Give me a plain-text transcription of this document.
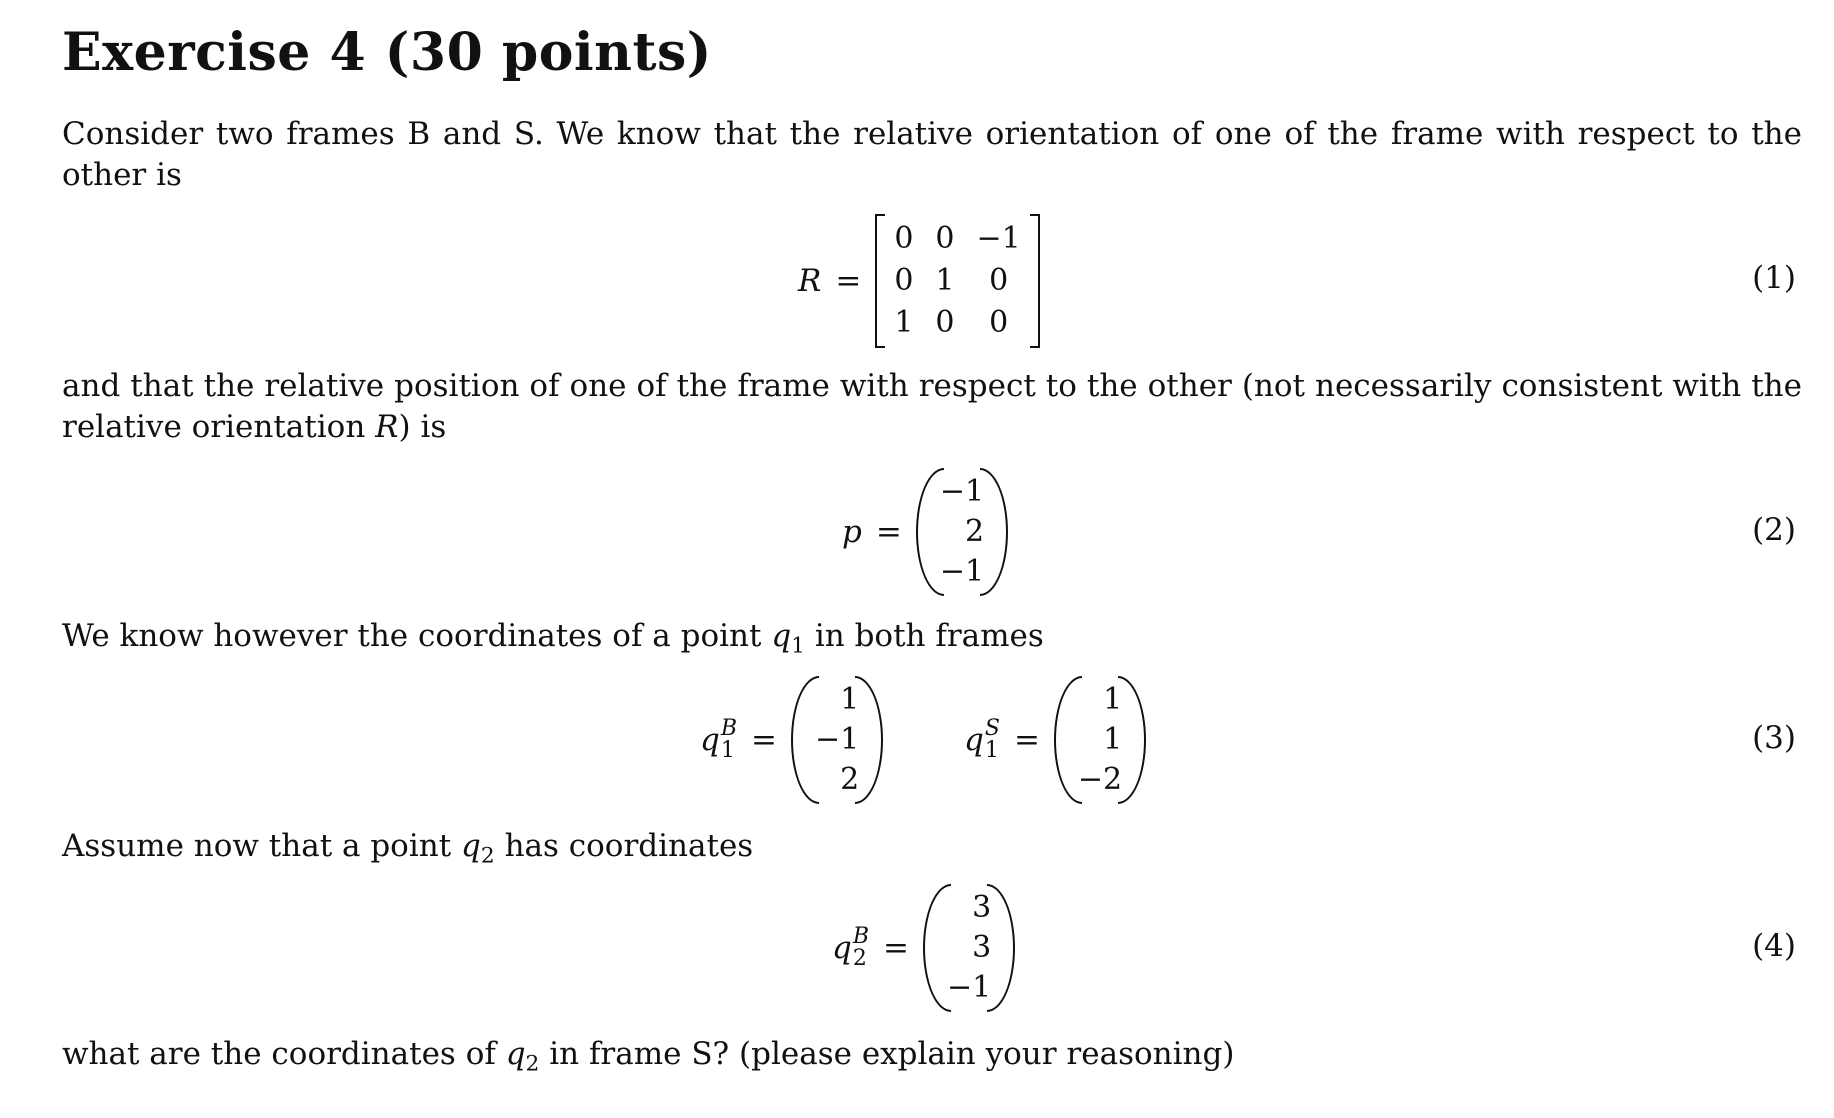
Exercise 4 (30 points)

Consider two frames B and S. We know that the relative orientation of one of the frame with respect to the other is

R =
0	0	−1
0	1	0
1	0	0
(1)

and that the relative position of one of the frame with respect to the other (not necessarily consistent with the relative orientation R) is

p =
−1
2
−1
(2)

We know however the coordinates of a point $q_1$ in both frames

q B
1 =
1
−1
2
q S
1 =
1
1
−2
(3)

Assume now that a point $q_2$ has coordinates

q B
2 =
3
3
−1
(4)

what are the coordinates of $q_2$ in frame S? (please explain your reasoning)
